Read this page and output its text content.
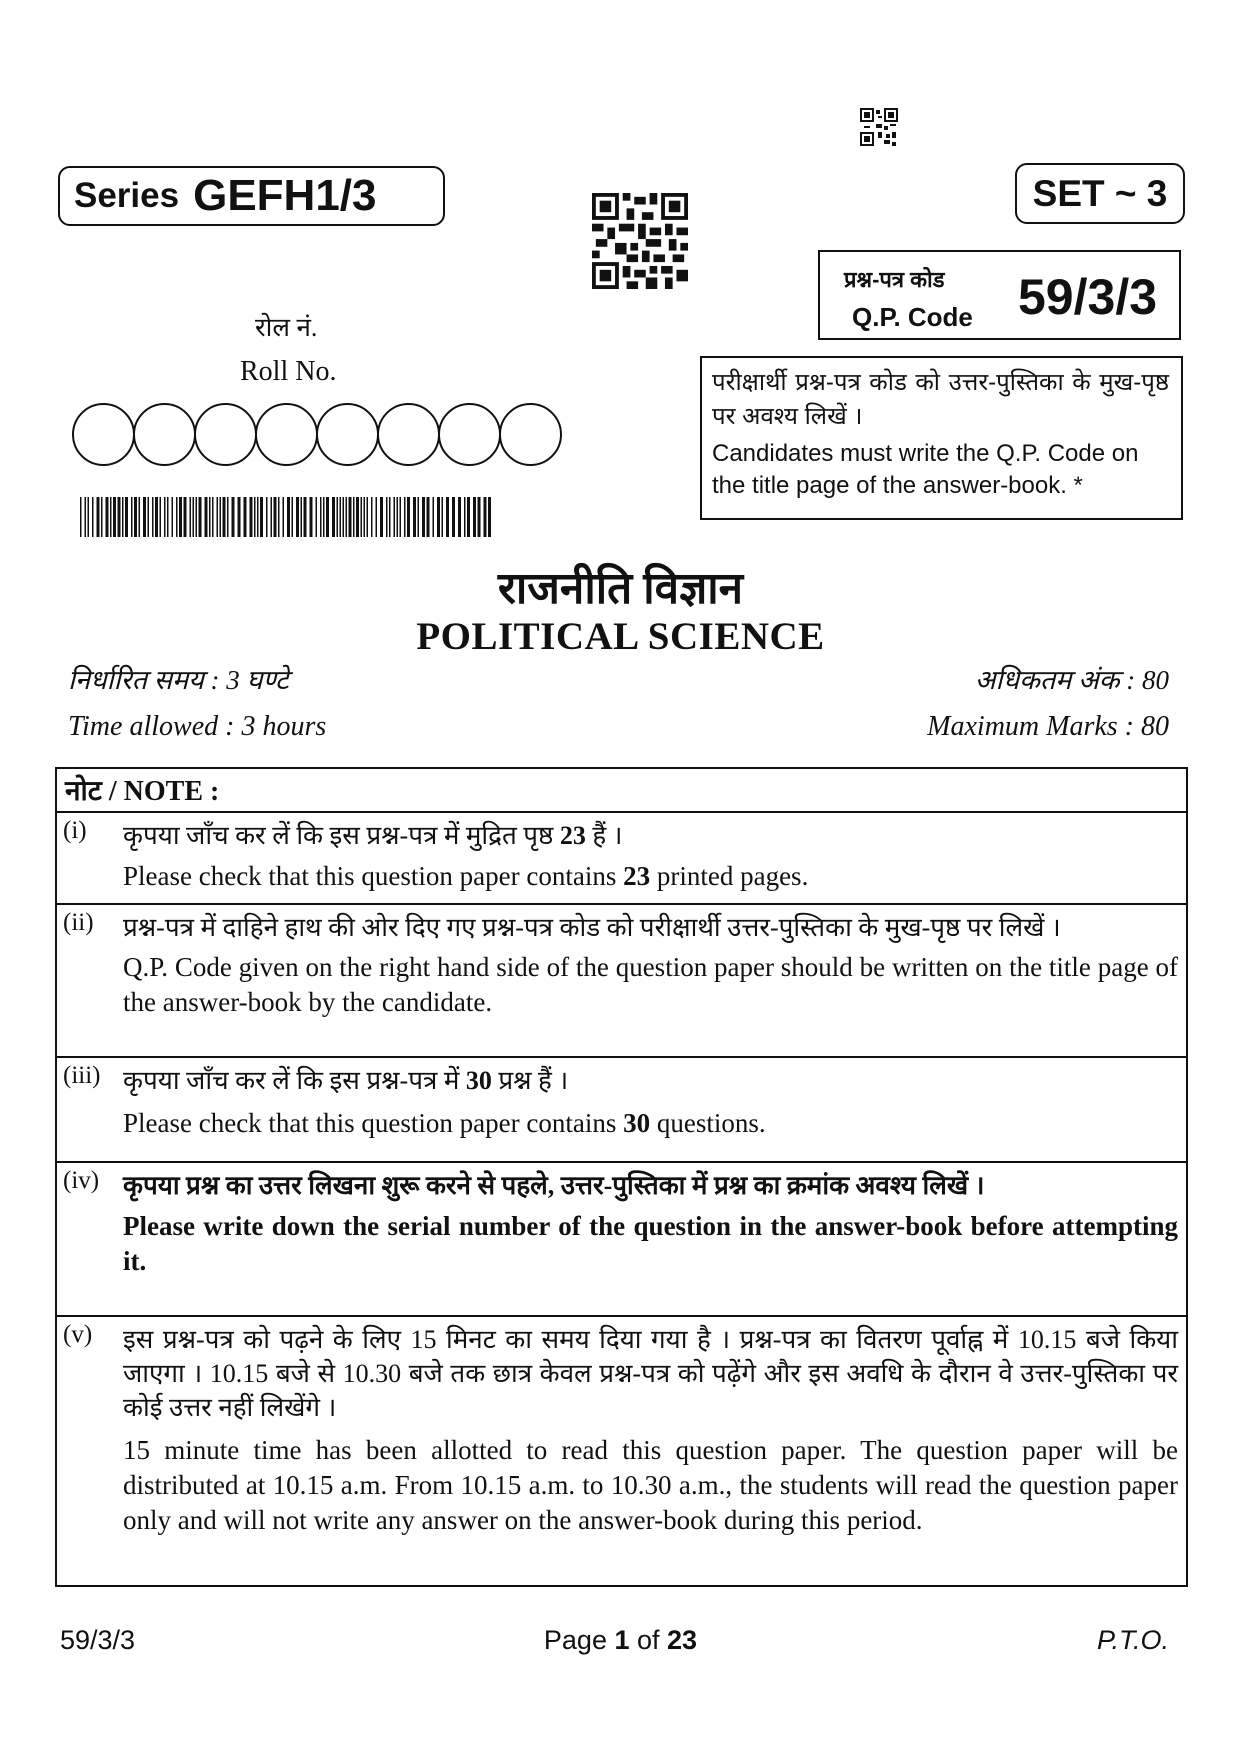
Series GEFH1/3	SET ~ 3
प्रश्न-पत्र कोड
Q.P. Code 59/3/3
परीक्षार्थी प्रश्न-पत्र कोड को उत्तर-पुस्तिका के मुख-पृष्ठ पर अवश्य लिखें ।
Candidates must write the Q.P. Code on the title page of the answer-book. *
रोल नं.
Roll No.
राजनीति विज्ञान
POLITICAL SCIENCE
निर्धारित समय : 3 घण्टे
Time allowed : 3 hours
अधिकतम अंक : 80
Maximum Marks : 80
नोट / NOTE :
(i) कृपया जाँच कर लें कि इस प्रश्न-पत्र में मुद्रित पृष्ठ 23 हैं ।
Please check that this question paper contains 23 printed pages.
(ii) प्रश्न-पत्र में दाहिने हाथ की ओर दिए गए प्रश्न-पत्र कोड को परीक्षार्थी उत्तर-पुस्तिका के मुख-पृष्ठ पर लिखें ।
Q.P. Code given on the right hand side of the question paper should be written on the title page of the answer-book by the candidate.
(iii) कृपया जाँच कर लें कि इस प्रश्न-पत्र में 30 प्रश्न हैं ।
Please check that this question paper contains 30 questions.
(iv) कृपया प्रश्न का उत्तर लिखना शुरू करने से पहले, उत्तर-पुस्तिका में प्रश्न का क्रमांक अवश्य लिखें ।
Please write down the serial number of the question in the answer-book before attempting it.
(v) इस प्रश्न-पत्र को पढ़ने के लिए 15 मिनट का समय दिया गया है । प्रश्न-पत्र का वितरण पूर्वाह्न में 10.15 बजे किया जाएगा । 10.15 बजे से 10.30 बजे तक छात्र केवल प्रश्न-पत्र को पढ़ेंगे और इस अवधि के दौरान वे उत्तर-पुस्तिका पर कोई उत्तर नहीं लिखेंगे ।
15 minute time has been allotted to read this question paper. The question paper will be distributed at 10.15 a.m. From 10.15 a.m. to 10.30 a.m., the students will read the question paper only and will not write any answer on the answer-book during this period.
59/3/3	Page 1 of 23	P.T.O.
